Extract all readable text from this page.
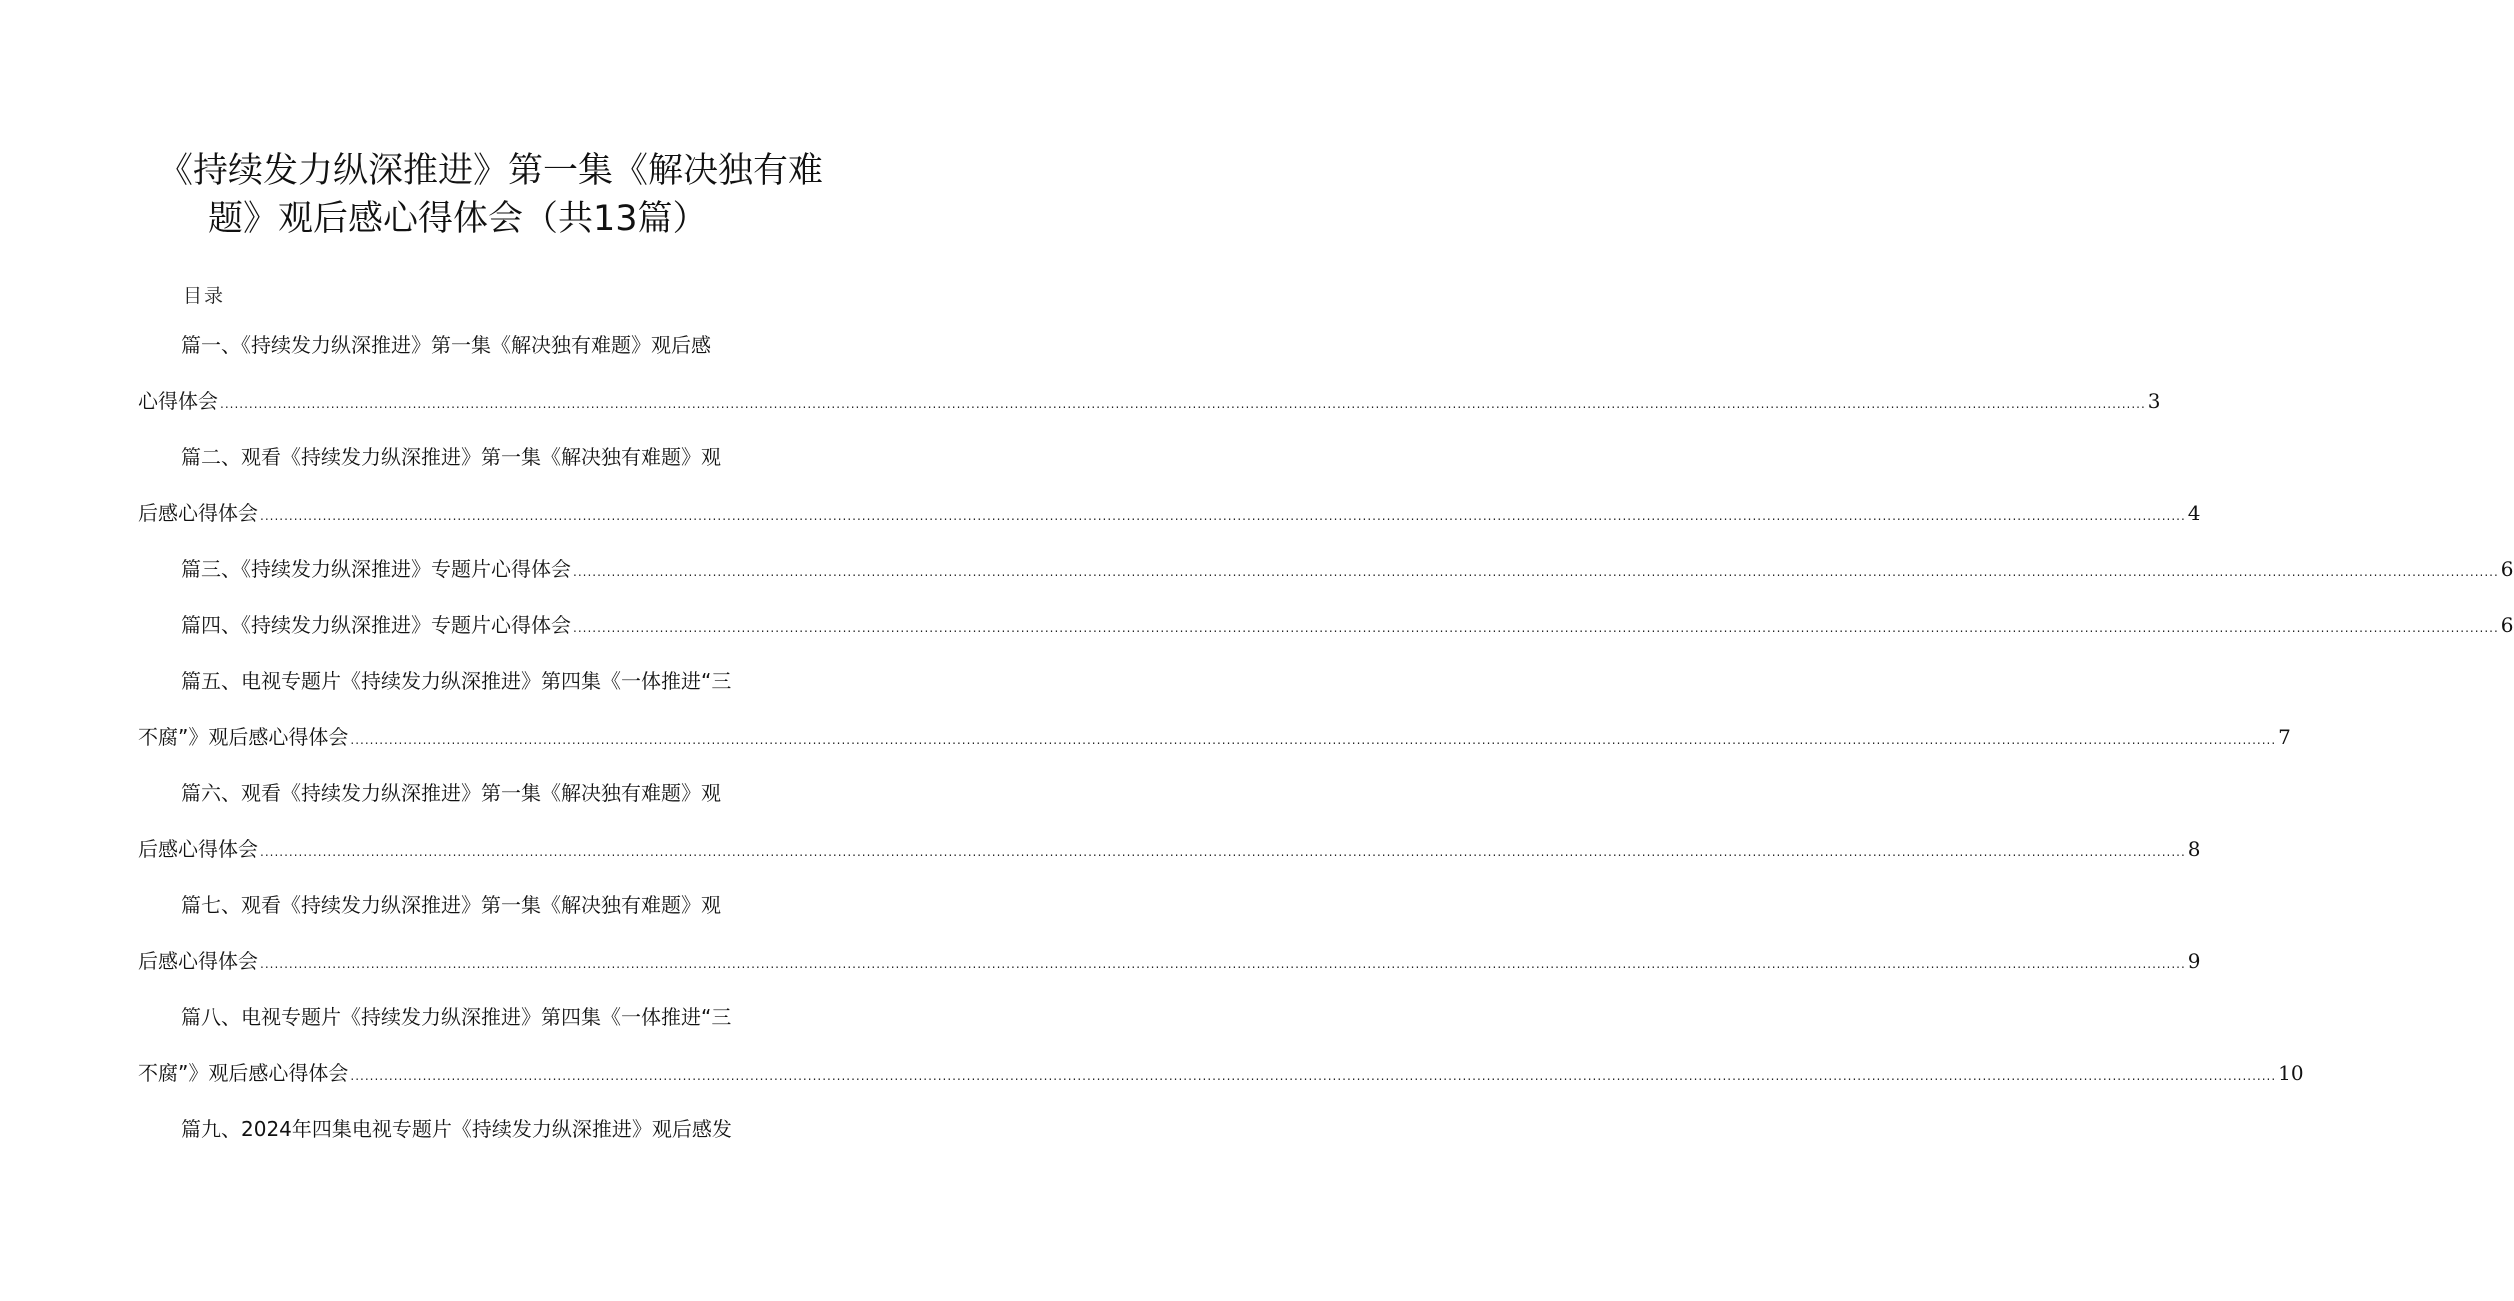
《持续发力纵深推进》第一集《解决独有难
题》观后感心得体会（共13篇）
目录
篇一、《持续发力纵深推进》第一集《解决独有难题》观后感
心得体会 ................................................................................................................................................................................................................................................................................................................................................................................................................ 3
篇二、观看《持续发力纵深推进》第一集《解决独有难题》观
后感心得体会 ................................................................................................................................................................................................................................................................................................................................................................................................................ 4
篇三、《持续发力纵深推进》专题片心得体会 ................................................................................................................................................................................................................................................................................................................................................................................................................ 6
篇四、《持续发力纵深推进》专题片心得体会 ................................................................................................................................................................................................................................................................................................................................................................................................................ 6
篇五、电视专题片《持续发力纵深推进》第四集《一体推进“三
不腐”》观后感心得体会 ................................................................................................................................................................................................................................................................................................................................................................................................................ 7
篇六、观看《持续发力纵深推进》第一集《解决独有难题》观
后感心得体会 ................................................................................................................................................................................................................................................................................................................................................................................................................ 8
篇七、观看《持续发力纵深推进》第一集《解决独有难题》观
后感心得体会 ................................................................................................................................................................................................................................................................................................................................................................................................................ 9
篇八、电视专题片《持续发力纵深推进》第四集《一体推进“三
不腐”》观后感心得体会 ................................................................................................................................................................................................................................................................................................................................................................................................................ 10
篇九、2024年四集电视专题片《持续发力纵深推进》观后感发
